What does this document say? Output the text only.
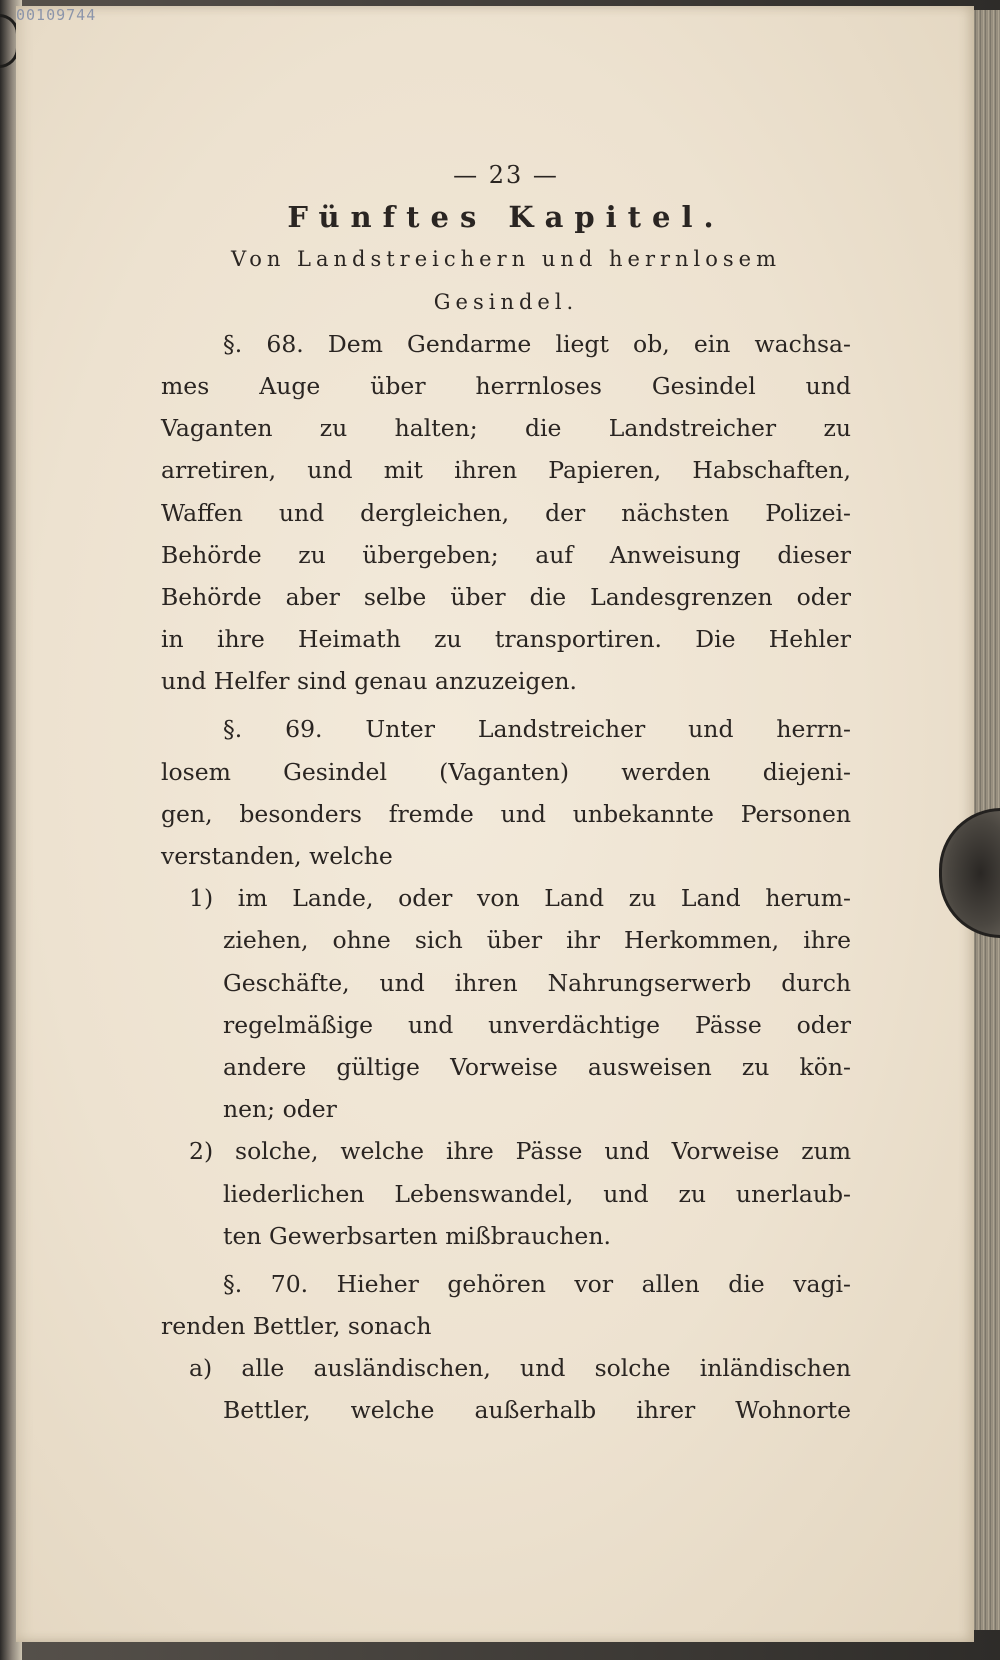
00109744
— 23 —
Fünftes Kapitel.
Von Landstreichern und herrnlosem
Gesindel.
§. 68. Dem Gendarme liegt ob, ein wachsa-
mes Auge über herrnloses Gesindel und
Vaganten zu halten; die Landstreicher zu
arretiren, und mit ihren Papieren, Habschaften,
Waffen und dergleichen, der nächsten Polizei-
Behörde zu übergeben; auf Anweisung dieser
Behörde aber selbe über die Landesgrenzen oder
in ihre Heimath zu transportiren. Die Hehler
und Helfer sind genau anzuzeigen.
§. 69. Unter Landstreicher und herrn-
losem Gesindel (Vaganten) werden diejeni-
gen, besonders fremde und unbekannte Personen
verstanden, welche
1) im Lande, oder von Land zu Land herum-
ziehen, ohne sich über ihr Herkommen, ihre
Geschäfte, und ihren Nahrungserwerb durch
regelmäßige und unverdächtige Pässe oder
andere gültige Vorweise ausweisen zu kön-
nen; oder
2) solche, welche ihre Pässe und Vorweise zum
liederlichen Lebenswandel, und zu unerlaub-
ten Gewerbsarten mißbrauchen.
§. 70. Hieher gehören vor allen die vagi-
renden Bettler, sonach
a) alle ausländischen, und solche inländischen
Bettler, welche außerhalb ihrer Wohnorte
